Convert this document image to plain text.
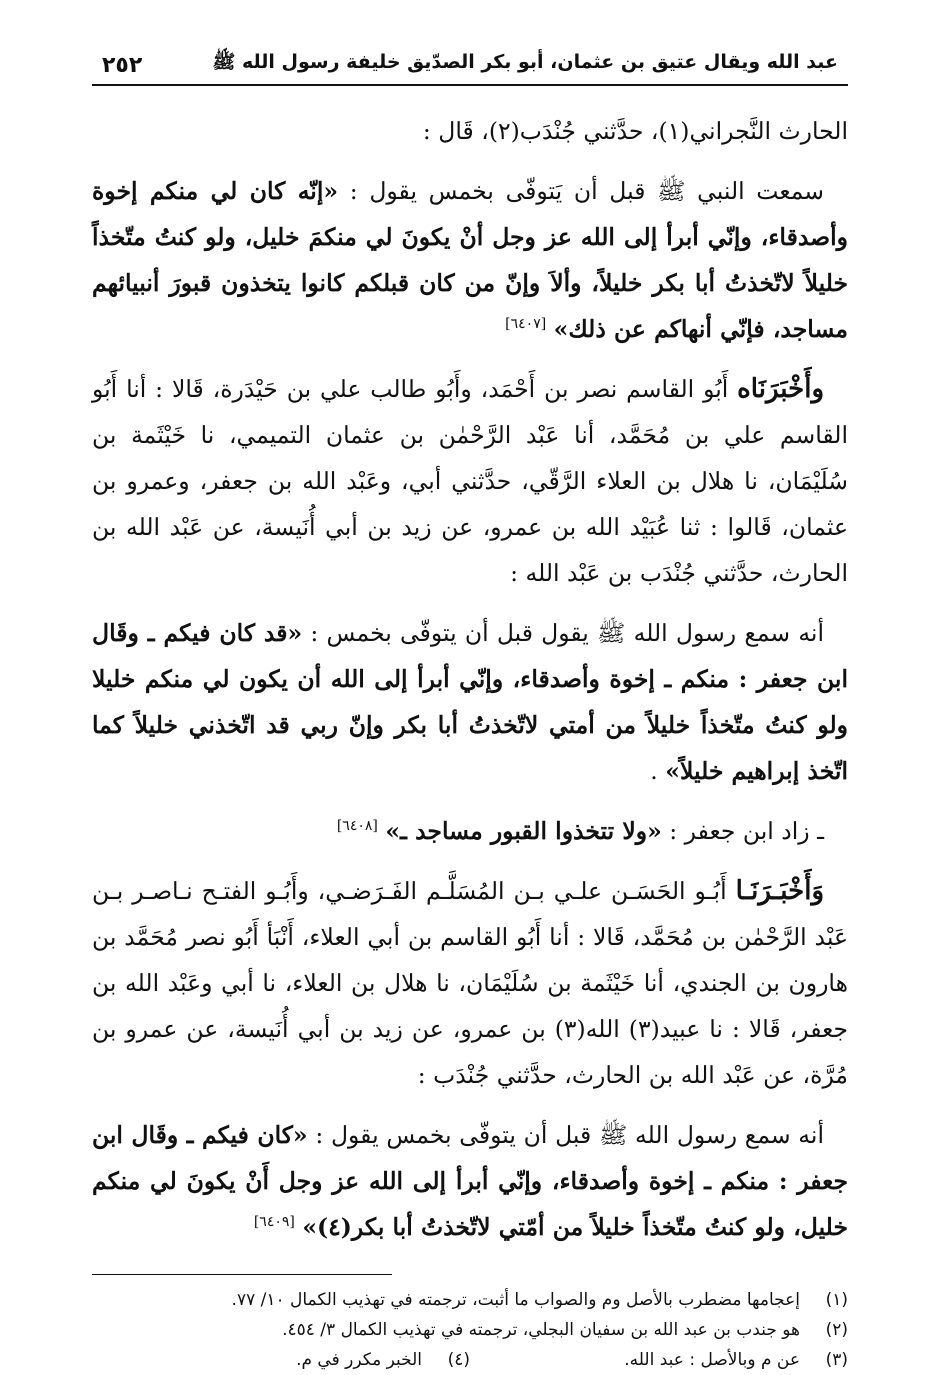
عبد الله ويقال عتيق بن عثمان، أبو بكر الصدّيق خليفة رسول الله ﷺ
٢٥٢

الحارث النَّجراني(١)، حدَّثني جُنْدَب(٢)، قَال :

سمعت النبي ﷺ قبل أن يَتوفّى بخمس يقول : «إنّه كان لي منكم إخوة وأصدقاء، وإنّي أبرأ إلى الله عز وجل أنْ يكونَ لي منكمَ خليل، ولو كنتُ متّخذاً خليلاً لاتّخذتُ أبا بكر خليلاً، وألاَ وإنّ من كان قبلكم كانوا يتخذون قبورَ أنبيائهم مساجد، فإنّي أنهاكم عن ذلك» [٦٤٠٧]

وأَخْبَرَنَاه أَبُو القاسم نصر بن أَحْمَد، وأَبُو طالب علي بن حَيْدَرة، قَالا : أنا أَبُو القاسم علي بن مُحَمَّد، أنا عَبْد الرَّحْمٰن بن عثمان التميمي، نا خَيْثَمة بن سُلَيْمَان، نا هلال بن العلاء الرَّقّي، حدَّثني أبي، وعَبْد الله بن جعفر، وعمرو بن عثمان، قَالوا : ثنا عُبَيْد الله بن عمرو، عن زيد بن أبي أُنَيسة، عن عَبْد الله بن الحارث، حدَّثني جُنْدَب بن عَبْد الله :

أنه سمع رسول الله ﷺ يقول قبل أن يتوفّى بخمس : «قد كان فيكم ـ وقَال ابن جعفر : منكم ـ إخوة وأصدقاء، وإنّي أبرأ إلى الله أن يكون لي منكم خليلا ولو كنتُ متّخذاً خليلاً من أمتي لاتّخذتُ أبا بكر وإنّ ربي قد اتّخذني خليلاً كما اتّخذ إبراهيم خليلاً» .

ـ زاد ابن جعفر : «ولا تتخذوا القبور مساجد ـ» [٦٤٠٨]

وَأَخْبَـرَنَـا أَبُـو الحَسَـن علـي بـن المُسَلَّـم الفَـرَضـي، وأَبُـو الفتـح نـاصـر بـن عَبْد الرَّحْمٰن بن مُحَمَّد، قَالا : أنا أَبُو القاسم بن أبي العلاء، أَنْبَأ أَبُو نصر مُحَمَّد بن هارون بن الجندي، أنا خَيْثَمة بن سُلَيْمَان، نا هلال بن العلاء، نا أبي وعَبْد الله بن جعفر، قَالا : نا عبيد(٣) الله(٣) بن عمرو، عن زيد بن أبي أُنَيسة، عن عمرو بن مُرَّة، عن عَبْد الله بن الحارث، حدَّثني جُنْدَب :

أنه سمع رسول الله ﷺ قبل أن يتوفّى بخمس يقول : «كان فيكم ـ وقَال ابن جعفر : منكم ـ إخوة وأصدقاء، وإنّي أبرأ إلى الله عز وجل أَنْ يكونَ لي منكم خليل، ولو كنتُ متّخذاً خليلاً من أمّتي لاتّخذتُ أبا بكر(٤)» [٦٤٠٩]

(١)
إعجامها مضطرب بالأصل وم والصواب ما أثبت، ترجمته في تهذيب الكمال ١٠/ ٧٧.
(٢)
هو جندب بن عبد الله بن سفيان البجلي، ترجمته في تهذيب الكمال ٣/ ٤٥٤.
(٣)
عن م وبالأصل : عبد الله.
(٤)
الخبر مكرر في م.
